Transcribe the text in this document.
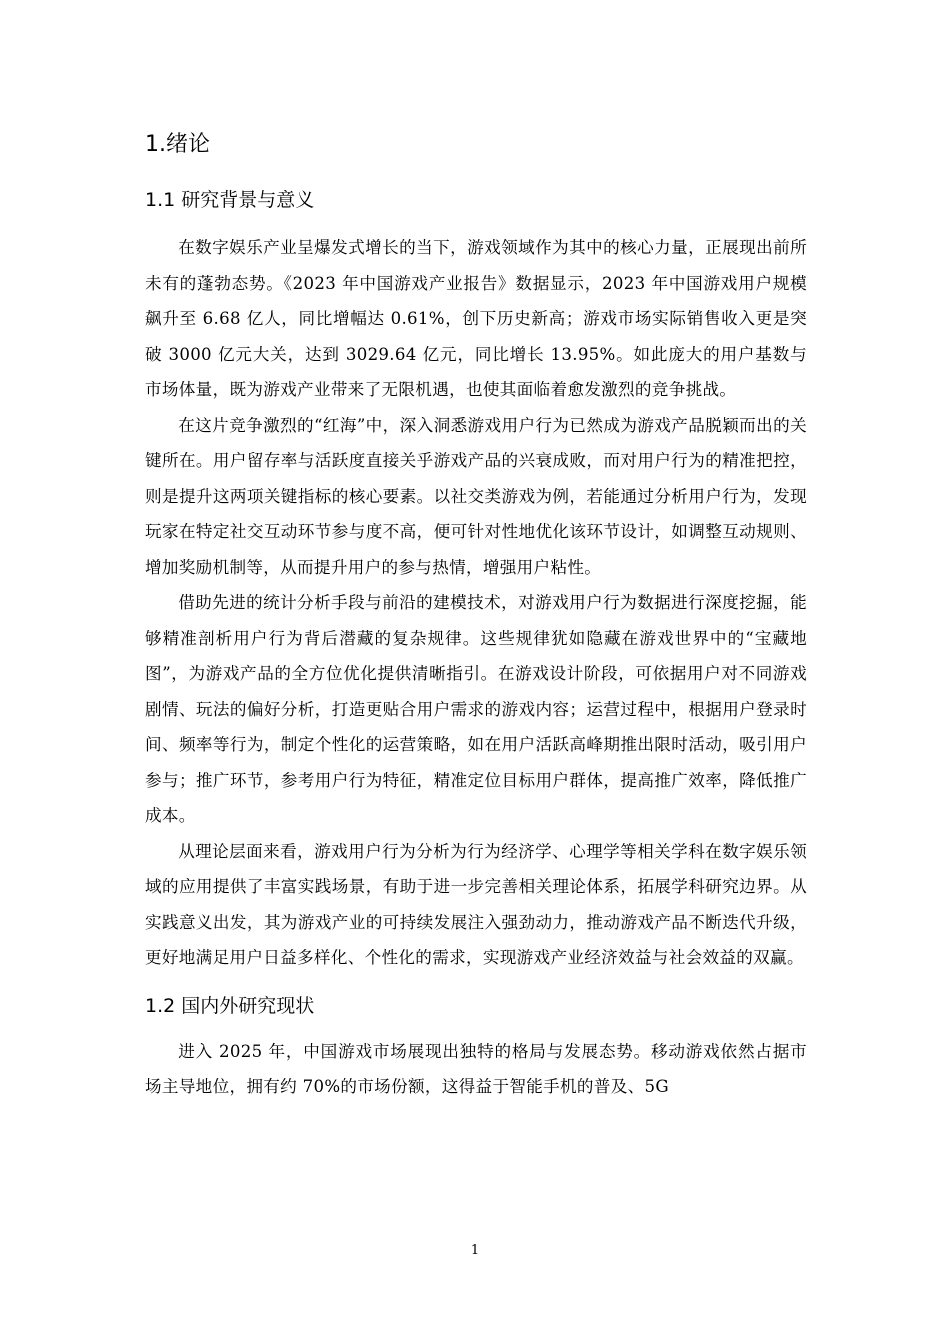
1.绪论
1.1 研究背景与意义

在数字娱乐产业呈爆发式增长的当下，游戏领域作为其中的核心力量，正展现出前所未有的蓬勃态势。《2023 年中国游戏产业报告》数据显示，2023 年中国游戏用户规模飙升至 6.68 亿人，同比增幅达 0.61%，创下历史新高；游戏市场实际销售收入更是突破 3000 亿元大关，达到 3029.64 亿元，同比增长 13.95%。如此庞大的用户基数与市场体量，既为游戏产业带来了无限机遇，也使其面临着愈发激烈的竞争挑战。

在这片竞争激烈的“红海”中，深入洞悉游戏用户行为已然成为游戏产品脱颖而出的关键所在。用户留存率与活跃度直接关乎游戏产品的兴衰成败，而对用户行为的精准把控，则是提升这两项关键指标的核心要素。以社交类游戏为例，若能通过分析用户行为，发现玩家在特定社交互动环节参与度不高，便可针对性地优化该环节设计，如调整互动规则、增加奖励机制等，从而提升用户的参与热情，增强用户粘性。

借助先进的统计分析手段与前沿的建模技术，对游戏用户行为数据进行深度挖掘，能够精准剖析用户行为背后潜藏的复杂规律。这些规律犹如隐藏在游戏世界中的“宝藏地图”，为游戏产品的全方位优化提供清晰指引。在游戏设计阶段，可依据用户对不同游戏剧情、玩法的偏好分析，打造更贴合用户需求的游戏内容；运营过程中，根据用户登录时间、频率等行为，制定个性化的运营策略，如在用户活跃高峰期推出限时活动，吸引用户参与；推广环节，参考用户行为特征，精准定位目标用户群体，提高推广效率，降低推广成本。

从理论层面来看，游戏用户行为分析为行为经济学、心理学等相关学科在数字娱乐领域的应用提供了丰富实践场景，有助于进一步完善相关理论体系，拓展学科研究边界。从实践意义出发，其为游戏产业的可持续发展注入强劲动力，推动游戏产品不断迭代升级，更好地满足用户日益多样化、个性化的需求，实现游戏产业经济效益与社会效益的双赢。

1.2 国内外研究现状

进入 2025 年，中国游戏市场展现出独特的格局与发展态势。移动游戏依然占据市场主导地位，拥有约 70%的市场份额，这得益于智能手机的普及、5G

1
